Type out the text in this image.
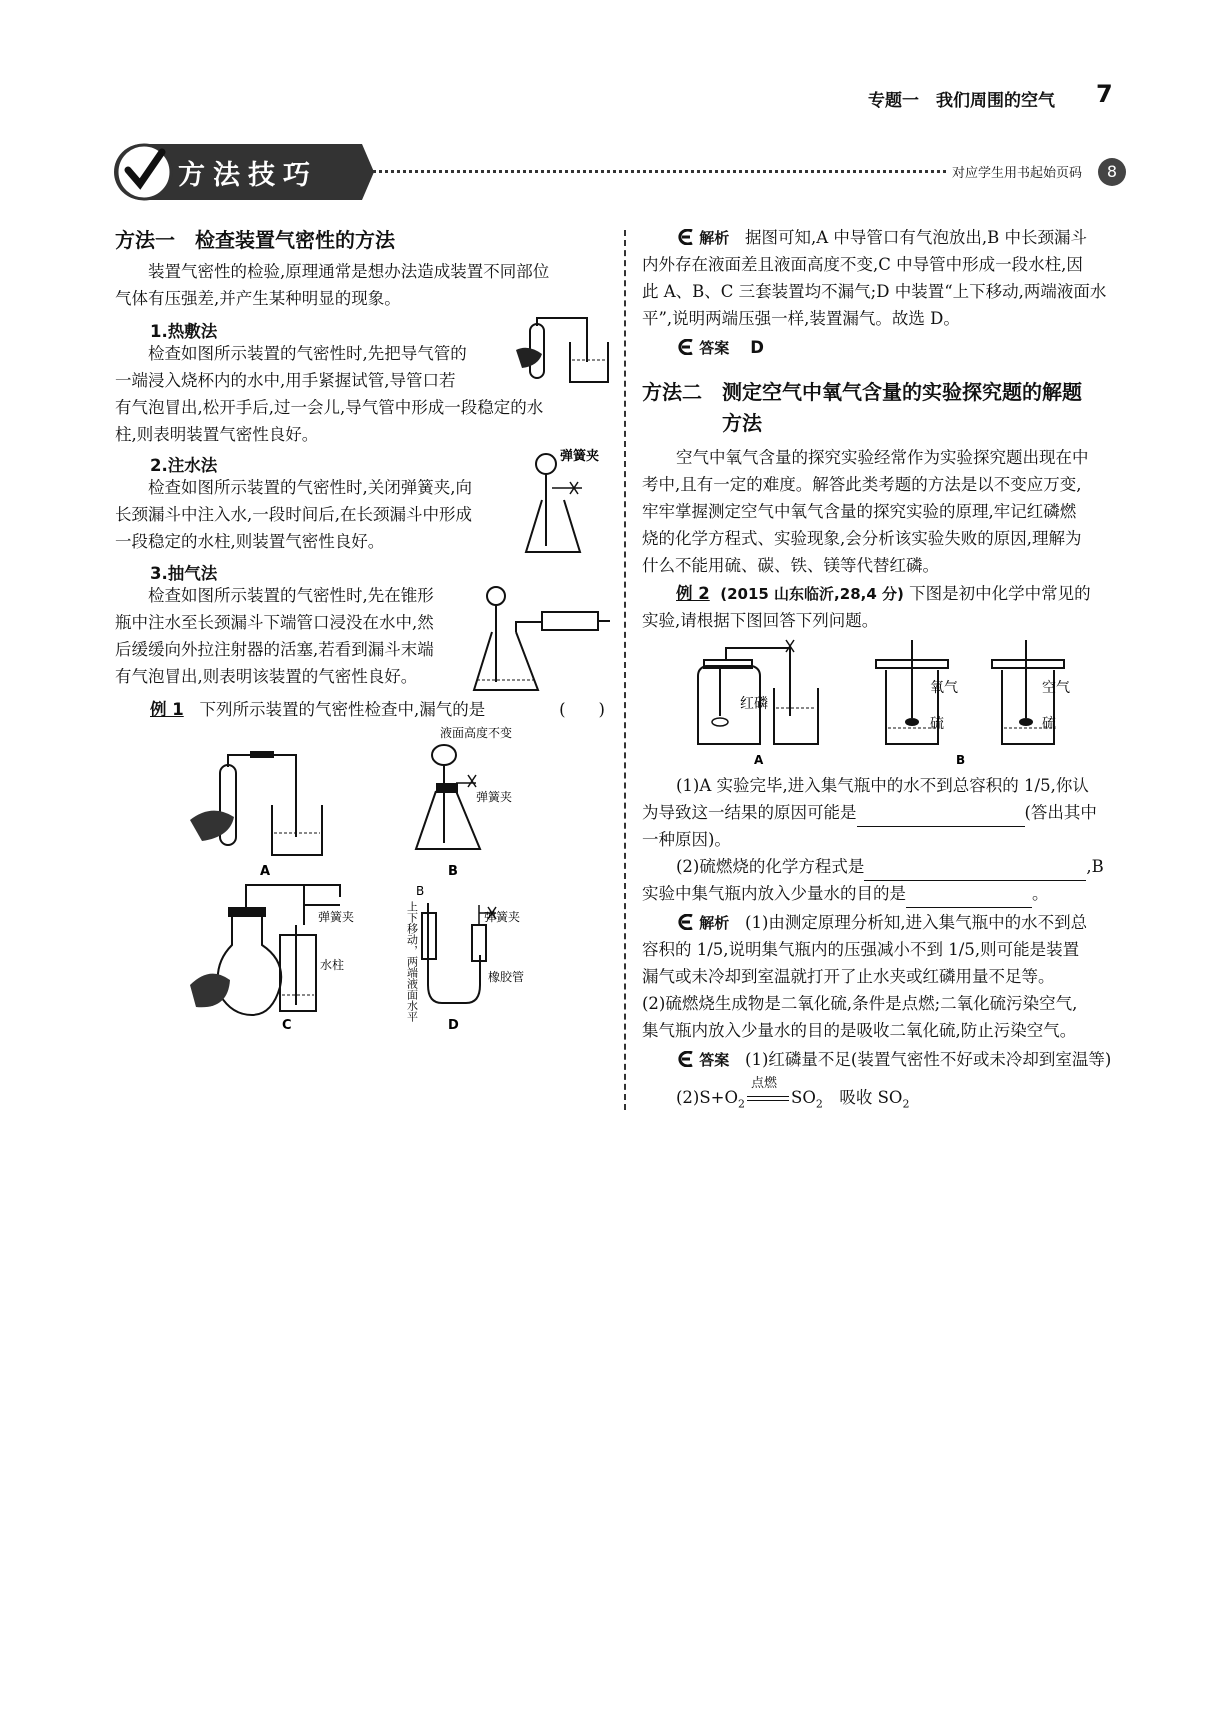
专题一　我们周围的空气 7
方法技巧	对应学生用书起始页码	8
方法一　检查装置气密性的方法
装置气密性的检验,原理通常是想办法造成装置不同部位
气体有压强差,并产生某种明显的现象。
1.热敷法
检查如图所示装置的气密性时,先把导气管的
一端浸入烧杯内的水中,用手紧握试管,导管口若
有气泡冒出,松开手后,过一会儿,导气管中形成一段稳定的水
柱,则表明装置气密性良好。
2.注水法
检查如图所示装置的气密性时,关闭弹簧夹,向
长颈漏斗中注入水,一段时间后,在长颈漏斗中形成
一段稳定的水柱,则装置气密性良好。
弹簧夹
3.抽气法
检查如图所示装置的气密性时,先在锥形
瓶中注水至长颈漏斗下端管口浸没在水中,然
后缓缓向外拉注射器的活塞,若看到漏斗末端
有气泡冒出,则表明该装置的气密性良好。
例 1 下列所示装置的气密性检查中,漏气的是	(　　)
A
液面高度不变
弹簧夹
B
弹簧夹
水柱
C
上下移动，两端液面水平
B
弹簧夹
橡胶管
D
解析 据图可知,A 中导管口有气泡放出,B 中长颈漏斗
内外存在液面差且液面高度不变,C 中导管中形成一段水柱,因
此 A、B、C 三套装置均不漏气;D 中装置“上下移动,两端液面水
平”,说明两端压强一样,装置漏气。故选 D。
答案 D
方法二　测定空气中氧气含量的实验探究题的解题
方法
空气中氧气含量的探究实验经常作为实验探究题出现在中
考中,且有一定的难度。解答此类考题的方法是以不变应万变,
牢牢掌握测定空气中氧气含量的探究实验的原理,牢记红磷燃
烧的化学方程式、实验现象,会分析该实验失败的原因,理解为
什么不能用硫、碳、铁、镁等代替红磷。
例 2 (2015 山东临沂,28,4 分) 下图是初中化学中常见的
实验,请根据下图回答下列问题。
红磷
A
氧气
硫
B
空气
硫
(1)A 实验完毕,进入集气瓶中的水不到总容积的 1/5,你认
为导致这一结果的原因可能是	(答出其中
一种原因)。
(2)硫燃烧的化学方程式是	,B
实验中集气瓶内放入少量水的目的是	。
解析 (1)由测定原理分析知,进入集气瓶中的水不到总
容积的 1/5,说明集气瓶内的压强减小不到 1/5,则可能是装置
漏气或未冷却到室温就打开了止水夹或红磷用量不足等。
(2)硫燃烧生成物是二氧化硫,条件是点燃;二氧化硫污染空气,
集气瓶内放入少量水的目的是吸收二氧化硫,防止污染空气。
答案 (1)红磷量不足(装置气密性不好或未冷却到室温等)
$(2)S+O_2$
点燃
$SO_2$　吸收 $SO_2$
